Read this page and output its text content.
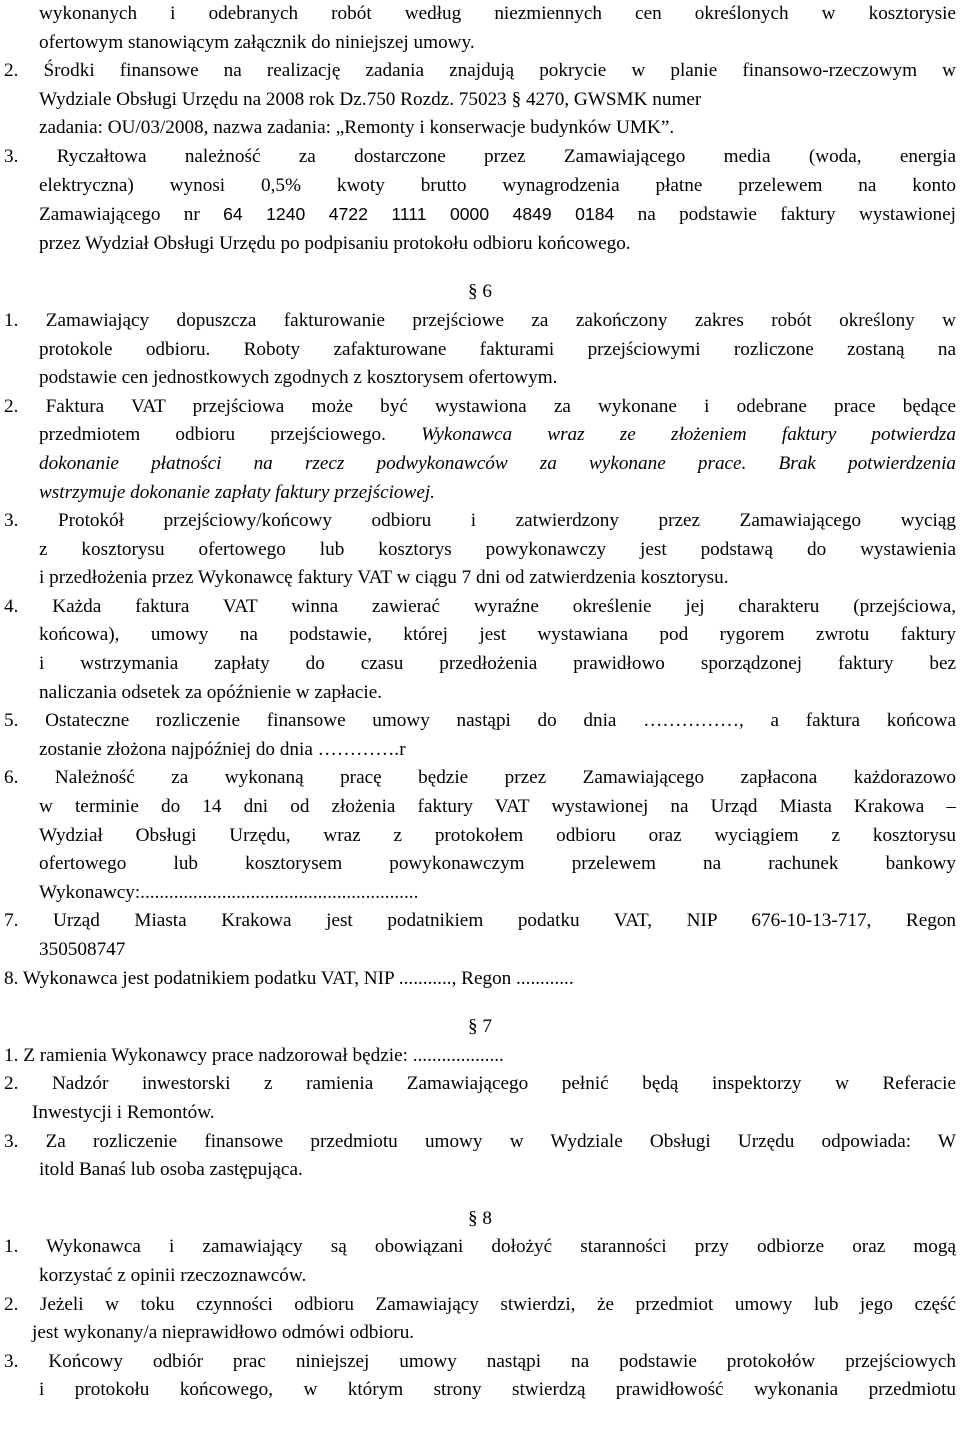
wykonanych i odebranych robót według niezmiennych cen określonych w kosztorysie

ofertowym stanowiącym załącznik do niniejszej umowy.

2. Środki finansowe na realizację zadania znajdują pokrycie w planie finansowo-rzeczowym w

Wydziale Obsługi Urzędu na 2008 rok Dz.750 Rozdz. 75023 § 4270, GWSMK numer

zadania: OU/03/2008, nazwa zadania: „Remonty i konserwacje budynków UMK”.

3. Ryczałtowa należność za dostarczone przez Zamawiającego media (woda, energia

elektryczna) wynosi 0,5% kwoty brutto wynagrodzenia płatne przelewem na konto

Zamawiającego nr 64 1240 4722 1111 0000 4849 0184 na podstawie faktury wystawionej

przez Wydział Obsługi Urzędu po podpisaniu protokołu odbioru końcowego.

§ 6

1. Zamawiający dopuszcza fakturowanie przejściowe za zakończony zakres robót określony w

protokole odbioru. Roboty zafakturowane fakturami przejściowymi rozliczone zostaną na

podstawie cen jednostkowych zgodnych z kosztorysem ofertowym.

2. Faktura VAT przejściowa może być wystawiona za wykonane i odebrane prace będące

przedmiotem odbioru przejściowego. Wykonawca wraz ze złożeniem faktury potwierdza

dokonanie płatności na rzecz podwykonawców za wykonane prace. Brak potwierdzenia

wstrzymuje dokonanie zapłaty faktury przejściowej.

3. Protokół przejściowy/końcowy odbioru i zatwierdzony przez Zamawiającego wyciąg

z kosztorysu ofertowego lub kosztorys powykonawczy jest podstawą do wystawienia

i przedłożenia przez Wykonawcę faktury VAT w ciągu 7 dni od zatwierdzenia kosztorysu.

4. Każda faktura VAT winna zawierać wyraźne określenie jej charakteru (przejściowa,

końcowa), umowy na podstawie, której jest wystawiana pod rygorem zwrotu faktury

i wstrzymania zapłaty do czasu przedłożenia prawidłowo sporządzonej faktury bez

naliczania odsetek za opóźnienie w zapłacie.

5. Ostateczne rozliczenie finansowe umowy nastąpi do dnia ……………, a faktura końcowa

zostanie złożona najpóźniej do dnia ………….r

6. Należność za wykonaną pracę będzie przez Zamawiającego zapłacona każdorazowo

w terminie do 14 dni od złożenia faktury VAT wystawionej na Urząd Miasta Krakowa –

Wydział Obsługi Urzędu, wraz z protokołem odbioru oraz wyciągiem z kosztorysu

ofertowego lub kosztorysem powykonawczym przelewem na rachunek bankowy

Wykonawcy:..........................................................

7. Urząd Miasta Krakowa jest podatnikiem podatku VAT, NIP 676-10-13-717, Regon

350508747

8. Wykonawca jest podatnikiem podatku VAT, NIP ..........., Regon ............

§ 7

1. Z ramienia Wykonawcy prace nadzorował będzie: ...................

2. Nadzór inwestorski z ramienia Zamawiającego pełnić będą inspektorzy w Referacie

Inwestycji i Remontów.

3. Za rozliczenie finansowe przedmiotu umowy w Wydziale Obsługi Urzędu odpowiada: W

itold Banaś lub osoba zastępująca.

§ 8

1. Wykonawca i zamawiający są obowiązani dołożyć staranności przy odbiorze oraz mogą

korzystać z opinii rzeczoznawców.

2. Jeżeli w toku czynności odbioru Zamawiający stwierdzi, że przedmiot umowy lub jego część

jest wykonany/a nieprawidłowo odmówi odbioru.

3. Końcowy odbiór prac niniejszej umowy nastąpi na podstawie protokołów przejściowych

i protokołu końcowego, w którym strony stwierdzą prawidłowość wykonania przedmiotu
